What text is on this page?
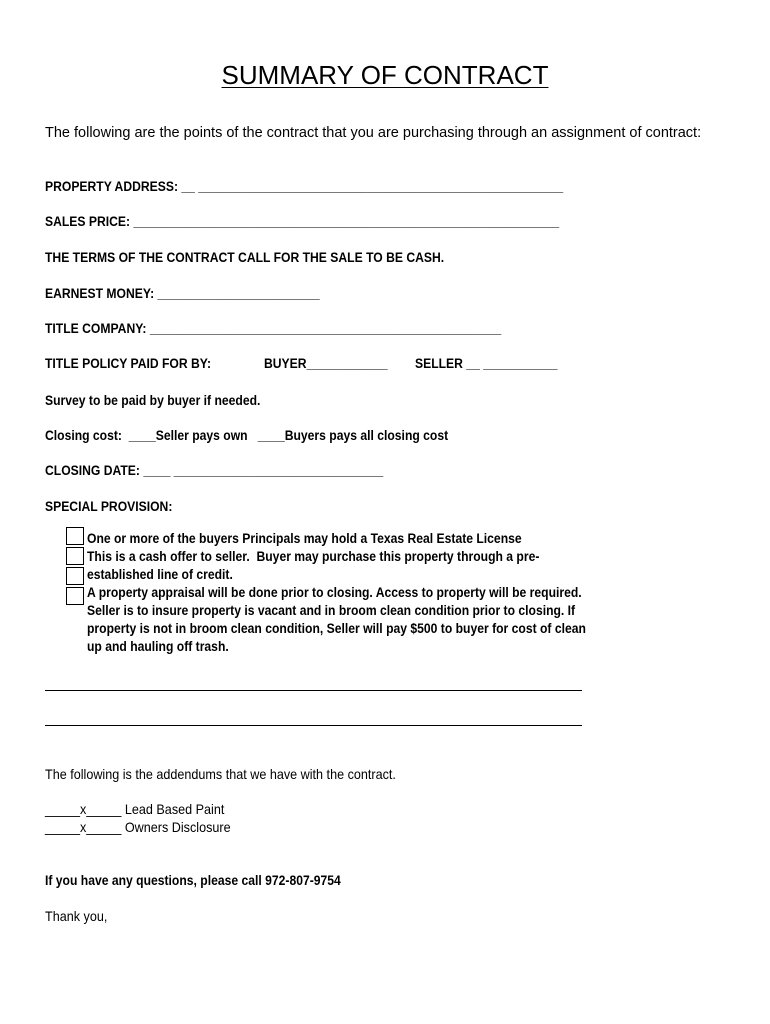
SUMMARY OF CONTRACT
The following are the points of the contract that you are purchasing through an assignment of contract:
PROPERTY ADDRESS: __ ______________________________________________________
SALES PRICE: _______________________________________________________________
THE TERMS OF THE CONTRACT CALL FOR THE SALE TO BE CASH.
EARNEST MONEY: ________________________
TITLE COMPANY: ____________________________________________________
TITLE POLICY PAID FOR BY:	BUYER____________ SELLER __ ___________
Survey to be paid by buyer if needed.
Closing cost:  ____Seller pays own   ____Buyers pays all closing cost
CLOSING DATE: ____ _______________________________
SPECIAL PROVISION:
One or more of the buyers Principals may hold a Texas Real Estate License
This is a cash offer to seller.  Buyer may purchase this property through a pre-
established line of credit.
A property appraisal will be done prior to closing. Access to property will be required.
Seller is to insure property is vacant and in broom clean condition prior to closing. If
property is not in broom clean condition, Seller will pay $500 to buyer for cost of clean
up and hauling off trash.
The following is the addendums that we have with the contract.
_____x_____ Lead Based Paint
_____x_____ Owners Disclosure
If you have any questions, please call 972-807-9754
Thank you,
